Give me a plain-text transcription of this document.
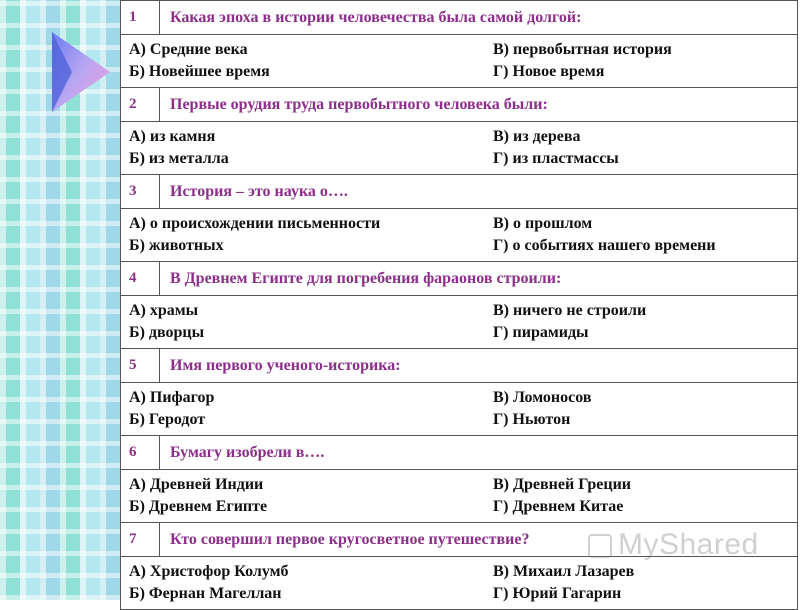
1	Какая эпоха в истории человечества была самой долгой:

А) Средние века В) первобытная история
Б) Новейшее время Г) Новое время	

2	Первые орудия труда первобытного человека были:

А) из камня В) из дерева
Б) из металла Г) из пластмассы	

3	История – это наука о….

А) о происхождении письменности В) о прошлом
Б) животных Г) о событиях нашего времени	

4	В Древнем Египте для погребения фараонов строили:

А) храмы В) ничего не строили
Б) дворцы Г) пирамиды	

5	Имя первого ученого-историка:

А) Пифагор В) Ломоносов
Б) Геродот Г) Ньютон	

6	Бумагу изобрели в….

А) Древней Индии В) Древней Греции
Б) Древнем Египте Г) Древнем Китае	

7	Кто совершил первое кругосветное путешествие?

А) Христофор Колумб В) Михаил Лазарев
Б) Фернан Магеллан Г) Юрий Гагарин	
MyShared
